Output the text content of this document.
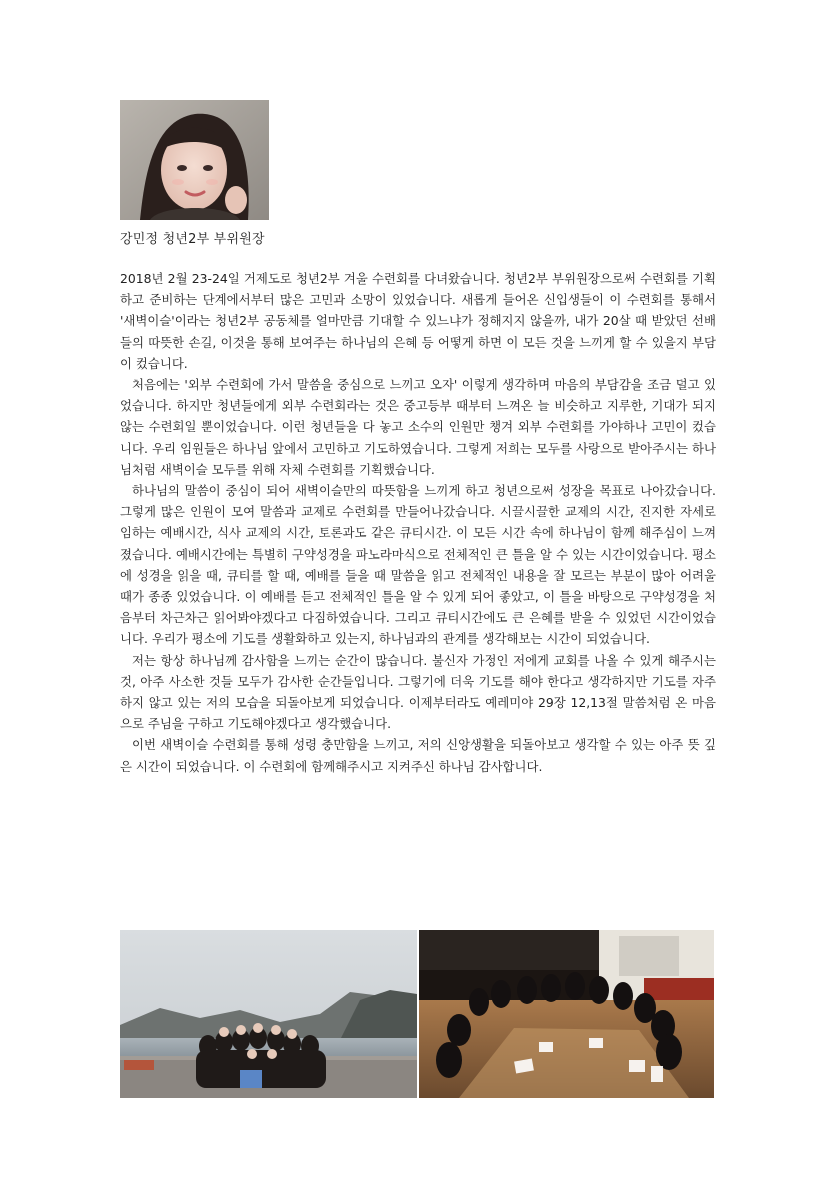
강민정 청년2부 부위원장

2018년 2월 23-24일 거제도로 청년2부 겨울 수련회를 다녀왔습니다. 청년2부 부위원장으로써 수련회를 기획하고 준비하는 단계에서부터 많은 고민과 소망이 있었습니다. 새롭게 들어온 신입생들이 이 수련회를 통해서 '새벽이슬'이라는 청년2부 공동체를 얼마만큼 기대할 수 있느냐가 정해지지 않을까, 내가 20살 때 받았던 선배들의 따뜻한 손길, 이것을 통해 보여주는 하나님의 은혜 등 어떻게 하면 이 모든 것을 느끼게 할 수 있을지 부담이 컸습니다.

처음에는 '외부 수련회에 가서 말씀을 중심으로 느끼고 오자' 이렇게 생각하며 마음의 부담감을 조금 덜고 있었습니다. 하지만 청년들에게 외부 수련회라는 것은 중고등부 때부터 느껴온 늘 비슷하고 지루한, 기대가 되지 않는 수련회일 뿐이었습니다. 이런 청년들을 다 놓고 소수의 인원만 챙겨 외부 수련회를 가야하나 고민이 컸습니다. 우리 임원들은 하나님 앞에서 고민하고 기도하였습니다. 그렇게 저희는 모두를 사랑으로 받아주시는 하나님처럼 새벽이슬 모두를 위해 자체 수련회를 기획했습니다.

하나님의 말씀이 중심이 되어 새벽이슬만의 따뜻함을 느끼게 하고 청년으로써 성장을 목표로 나아갔습니다. 그렇게 많은 인원이 모여 말씀과 교제로 수련회를 만들어나갔습니다. 시끌시끌한 교제의 시간, 진지한 자세로 임하는 예배시간, 식사 교제의 시간, 토론과도 같은 큐티시간. 이 모든 시간 속에 하나님이 함께 해주심이 느껴졌습니다. 예배시간에는 특별히 구약성경을 파노라마식으로 전체적인 큰 틀을 알 수 있는 시간이었습니다. 평소에 성경을 읽을 때, 큐티를 할 때, 예배를 들을 때 말씀을 읽고 전체적인 내용을 잘 모르는 부분이 많아 어려울 때가 종종 있었습니다. 이 예배를 듣고 전체적인 틀을 알 수 있게 되어 좋았고, 이 틀을 바탕으로 구약성경을 처음부터 차근차근 읽어봐야겠다고 다짐하였습니다. 그리고 큐티시간에도 큰 은혜를 받을 수 있었던 시간이었습니다. 우리가 평소에 기도를 생활화하고 있는지, 하나님과의 관계를 생각해보는 시간이 되었습니다.

저는 항상 하나님께 감사함을 느끼는 순간이 많습니다. 불신자 가정인 저에게 교회를 나올 수 있게 해주시는 것, 아주 사소한 것들 모두가 감사한 순간들입니다. 그렇기에 더욱 기도를 해야 한다고 생각하지만 기도를 자주하지 않고 있는 저의 모습을 되돌아보게 되었습니다. 이제부터라도 예레미야 29장 12,13절 말씀처럼 온 마음으로 주님을 구하고 기도해야겠다고 생각했습니다.

이번 새벽이슬 수련회를 통해 성령 충만함을 느끼고, 저의 신앙생활을 되돌아보고 생각할 수 있는 아주 뜻 깊은 시간이 되었습니다. 이 수련회에 함께해주시고 지켜주신 하나님 감사합니다.
